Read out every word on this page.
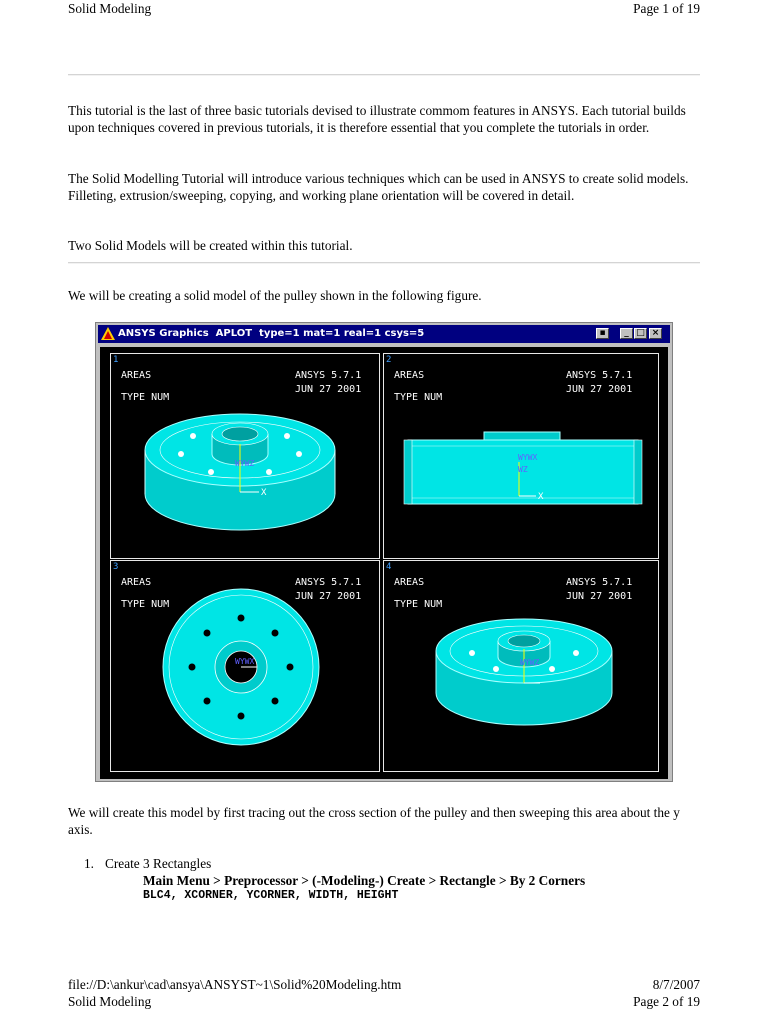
Solid Modeling	Page 1 of 19

This tutorial is the last of three basic tutorials devised to illustrate commom features in ANSYS. Each tutorial builds upon techniques covered in previous tutorials, it is therefore essential that you complete the tutorials in order.

The Solid Modelling Tutorial will introduce various techniques which can be used in ANSYS to create solid models. Filleting, extrusion/sweeping, copying, and working plane orientation will be covered in detail.

Two Solid Models will be created within this tutorial.

We will be creating a solid model of the pulley shown in the following figure.

ANSYS Graphics  APLOT  type=1 mat=1 real=1 csys=5	▪	_ □ ×
1
AREAS
TYPE NUM
ANSYS 5.7.1
JUN 27 2001
X
WYWZ
2
AREAS
TYPE NUM
ANSYS 5.7.1
JUN 27 2001
X
WYWX
WZ
3
AREAS
TYPE NUM
ANSYS 5.7.1
JUN 27 2001
WYWX
4
AREAS
TYPE NUM
ANSYS 5.7.1
JUN 27 2001
WYWZ

We will create this model by first tracing out the cross section of the pulley and then sweeping this area about the y axis.

1. Create 3 Rectangles
Main Menu > Preprocessor > (-Modeling-) Create > Rectangle > By 2 Corners
BLC4, XCORNER, YCORNER, WIDTH, HEIGHT
file://D:\ankur\cad\ansya\ANSYST~1\Solid%20Modeling.htm	8/7/2007
Solid Modeling	Page 2 of 19
